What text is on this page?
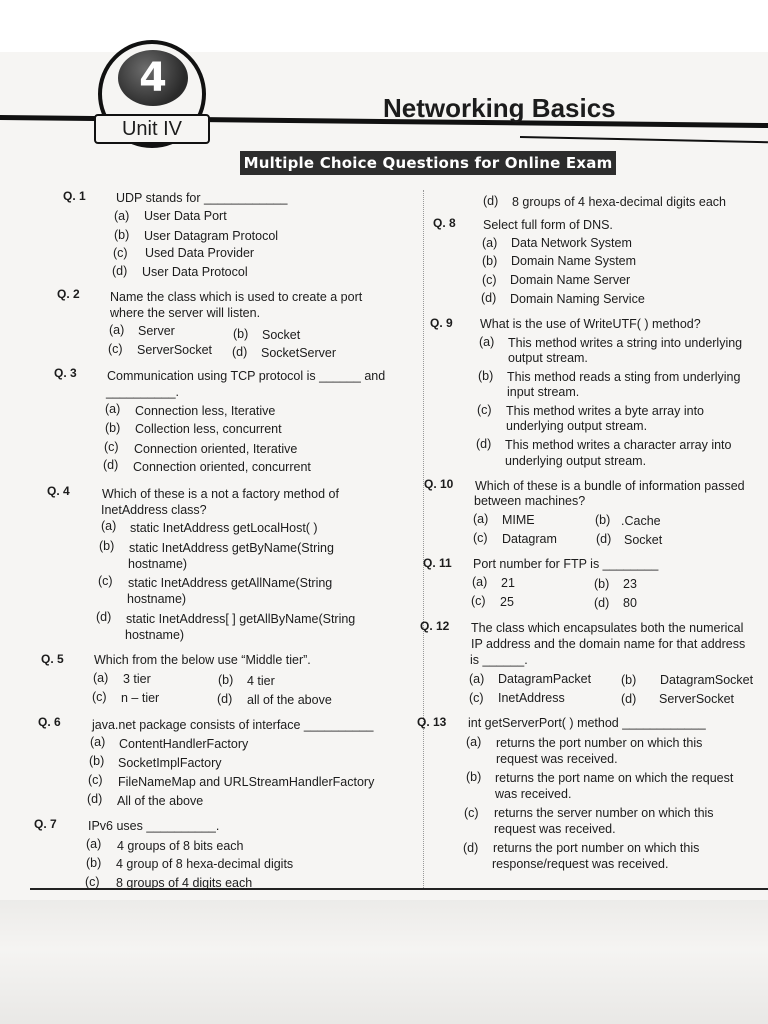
4
Unit IV
Networking Basics
Multiple Choice Questions for Online Exam
Q. 1 UDP stands for ____________
(a) User Data Port
(b) User Datagram Protocol
(c) Used Data Provider
(d) User Data Protocol
Q. 2 Name the class which is used to create a port
where the server will listen.
(a) Server	(b) Socket
(c) ServerSocket (d) SocketServer
Q. 3 Communication using TCP protocol is ______ and
__________.
(a) Connection less, Iterative
(b) Collection less, concurrent
(c) Connection oriented, Iterative
(d) Connection oriented, concurrent
Q. 4	Which of these is a not a factory method of
InetAddress class?
(a) static InetAddress getLocalHost( )
(b) static InetAddress getByName(String
hostname)
(c) static InetAddress getAllName(String
hostname)
(d) static InetAddress[ ] getAllByName(String
hostname)
Q. 5 Which from the below use “Middle tier”.
(a) 3 tier	(b) 4 tier
(c) n – tier	(d) all of the above
Q. 6	java.net package consists of interface __________
(a) ContentHandlerFactory
(b) SocketImplFactory
(c) FileNameMap and URLStreamHandlerFactory
(d) All of the above
Q. 7	IPv6 uses __________.
(a) 4 groups of 8 bits each
(b) 4 group of 8 hexa-decimal digits
(c) 8 groups of 4 digits each
(d) 8 groups of 4 hexa-decimal digits each
Q. 8 Select full form of DNS.
(a) Data Network System
(b) Domain Name System
(c) Domain Name Server
(d) Domain Naming Service
Q. 9 What is the use of WriteUTF( ) method?
(a) This method writes a string into underlying
output stream.
(b) This method reads a sting from underlying
input stream.
(c) This method writes a byte array into
underlying output stream.
(d) This method writes a character array into
underlying output stream.
Q. 10 Which of these is a bundle of information passed
between machines?
(a) MIME	(b) .Cache
(c) Datagram	(d) Socket
Q. 11 Port number for FTP is ________
(a) 21	(b) 23
(c) 25	(d) 80
Q. 12 The class which encapsulates both the numerical
IP address and the domain name for that address
is ______.
(a) DatagramPacket (b) DatagramSocket
(c) InetAddress	(d) ServerSocket
Q. 13 int getServerPort( ) method ____________
(a) returns the port number on which this
request was received.
(b) returns the port name on which the request
was received.
(c) returns the server number on which this
request was received.
(d) returns the port number on which this
response/request was received.
